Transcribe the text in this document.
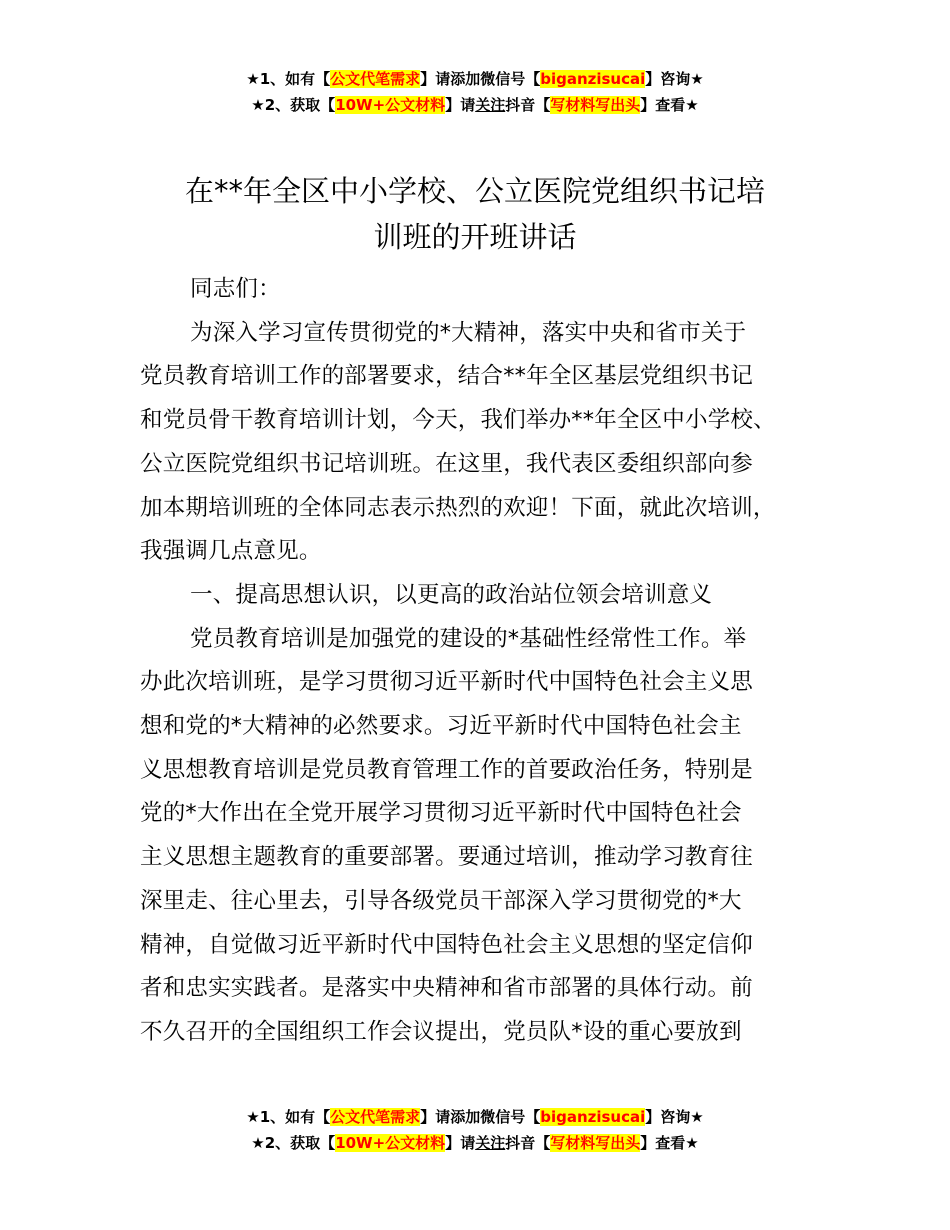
★1、如有【公文代笔需求】请添加微信号【biganzisucai】咨询★
★2、获取【10W+公文材料】请关注抖音【写材料写出头】查看★
在**年全区中小学校、公立医院党组织书记培
训班的开班讲话

同志们：

为深入学习宣传贯彻党的*大精神，落实中央和省市关于
党员教育培训工作的部署要求，结合**年全区基层党组织书记
和党员骨干教育培训计划，今天，我们举办**年全区中小学校、
公立医院党组织书记培训班。在这里，我代表区委组织部向参
加本期培训班的全体同志表示热烈的欢迎！下面，就此次培训，
我强调几点意见。

一、提高思想认识，以更高的政治站位领会培训意义

党员教育培训是加强党的建设的*基础性经常性工作。举
办此次培训班，是学习贯彻习近平新时代中国特色社会主义思
想和党的*大精神的必然要求。习近平新时代中国特色社会主
义思想教育培训是党员教育管理工作的首要政治任务，特别是
党的*大作出在全党开展学习贯彻习近平新时代中国特色社会
主义思想主题教育的重要部署。要通过培训，推动学习教育往
深里走、往心里去，引导各级党员干部深入学习贯彻党的*大
精神，自觉做习近平新时代中国特色社会主义思想的坚定信仰
者和忠实实践者。是落实中央精神和省市部署的具体行动。前
不久召开的全国组织工作会议提出，党员队*设的重心要放到

★1、如有【公文代笔需求】请添加微信号【biganzisucai】咨询★
★2、获取【10W+公文材料】请关注抖音【写材料写出头】查看★
